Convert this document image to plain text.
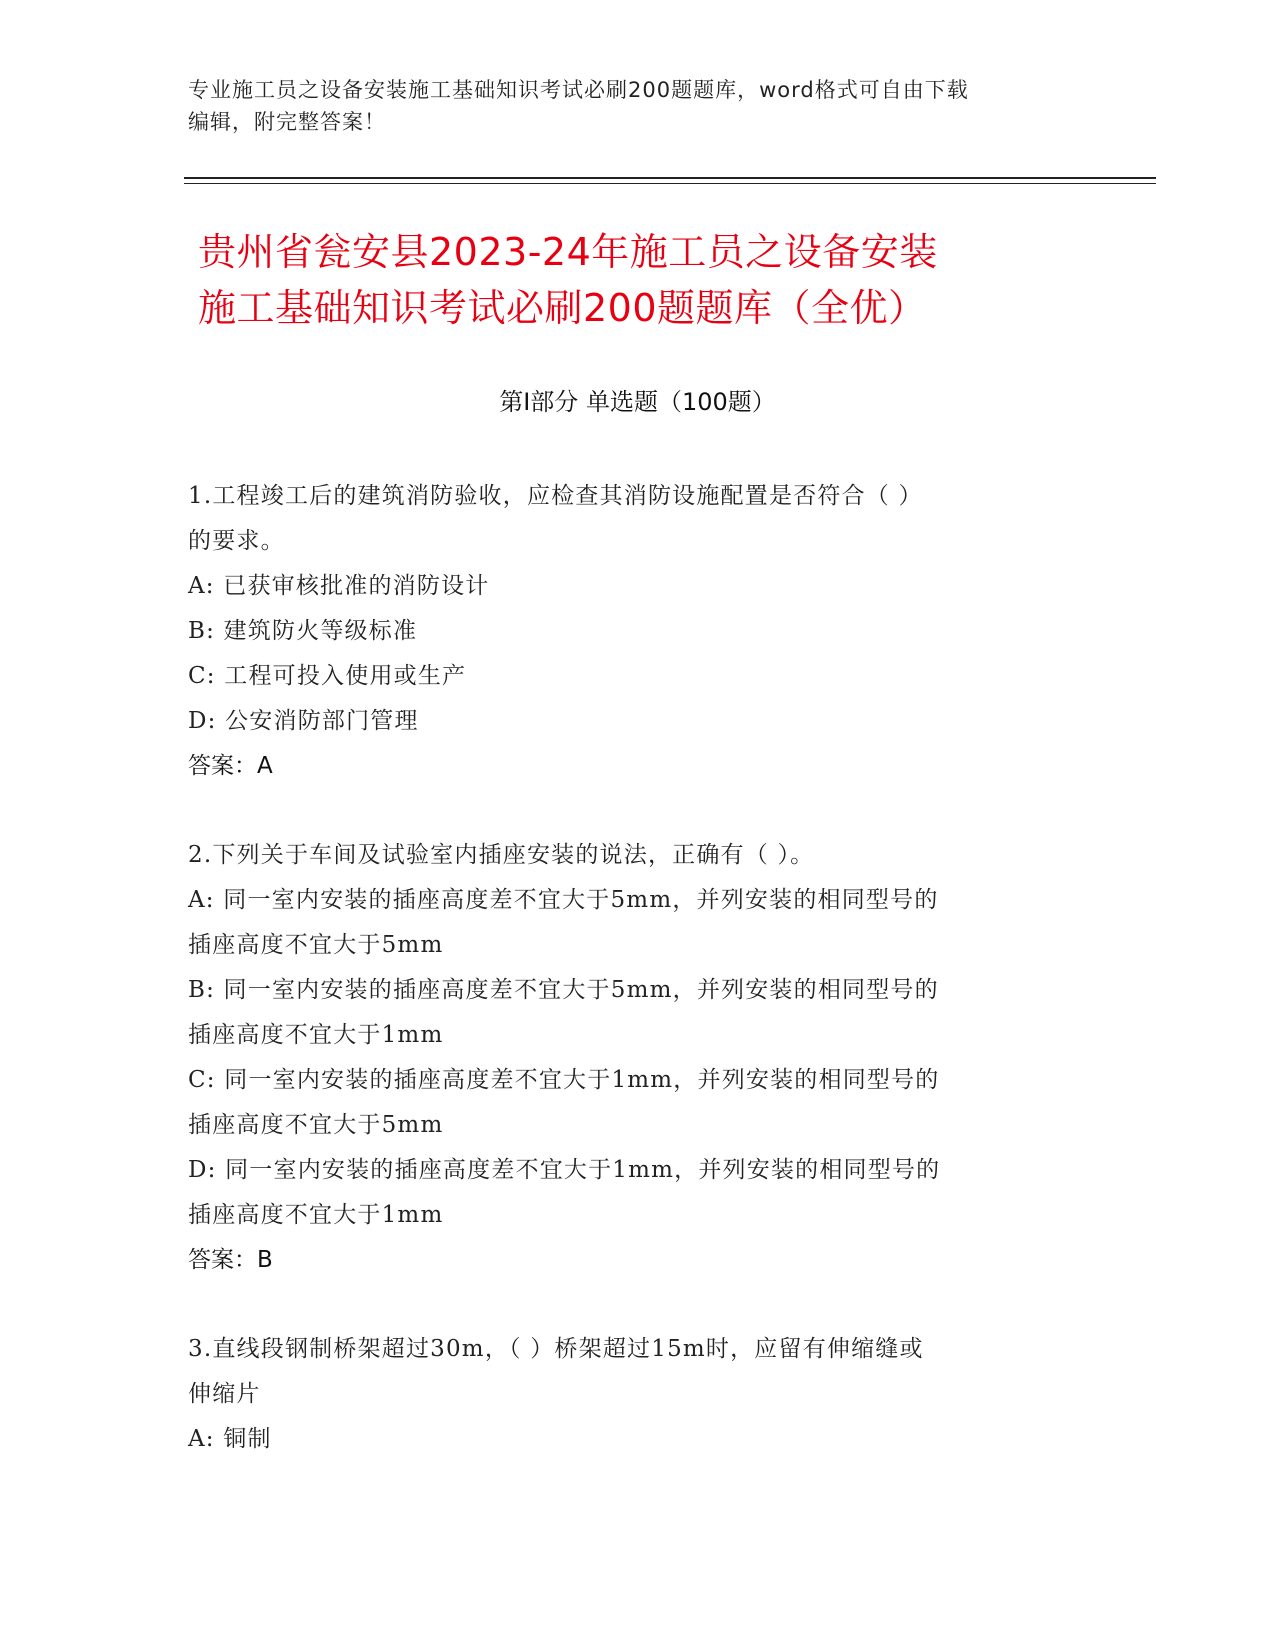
专业施工员之设备安装施工基础知识考试必刷200题题库，word格式可自由下载
编辑，附完整答案！
贵州省瓮安县2023-24年施工员之设备安装
施工基础知识考试必刷200题题库（全优）
第Ⅰ部分 单选题（100题）
1.工程竣工后的建筑消防验收，应检查其消防设施配置是否符合（ ）
的要求。
A: 已获审核批准的消防设计
B: 建筑防火等级标准
C: 工程可投入使用或生产
D: 公安消防部门管理
答案：A
2.下列关于车间及试验室内插座安装的说法，正确有（ ）。
A: 同一室内安装的插座高度差不宜大于5mm，并列安装的相同型号的
插座高度不宜大于5mm
B: 同一室内安装的插座高度差不宜大于5mm，并列安装的相同型号的
插座高度不宜大于1mm
C: 同一室内安装的插座高度差不宜大于1mm，并列安装的相同型号的
插座高度不宜大于5mm
D: 同一室内安装的插座高度差不宜大于1mm，并列安装的相同型号的
插座高度不宜大于1mm
答案：B
3.直线段钢制桥架超过30m，（ ）桥架超过15m时，应留有伸缩缝或
伸缩片
A: 铜制
